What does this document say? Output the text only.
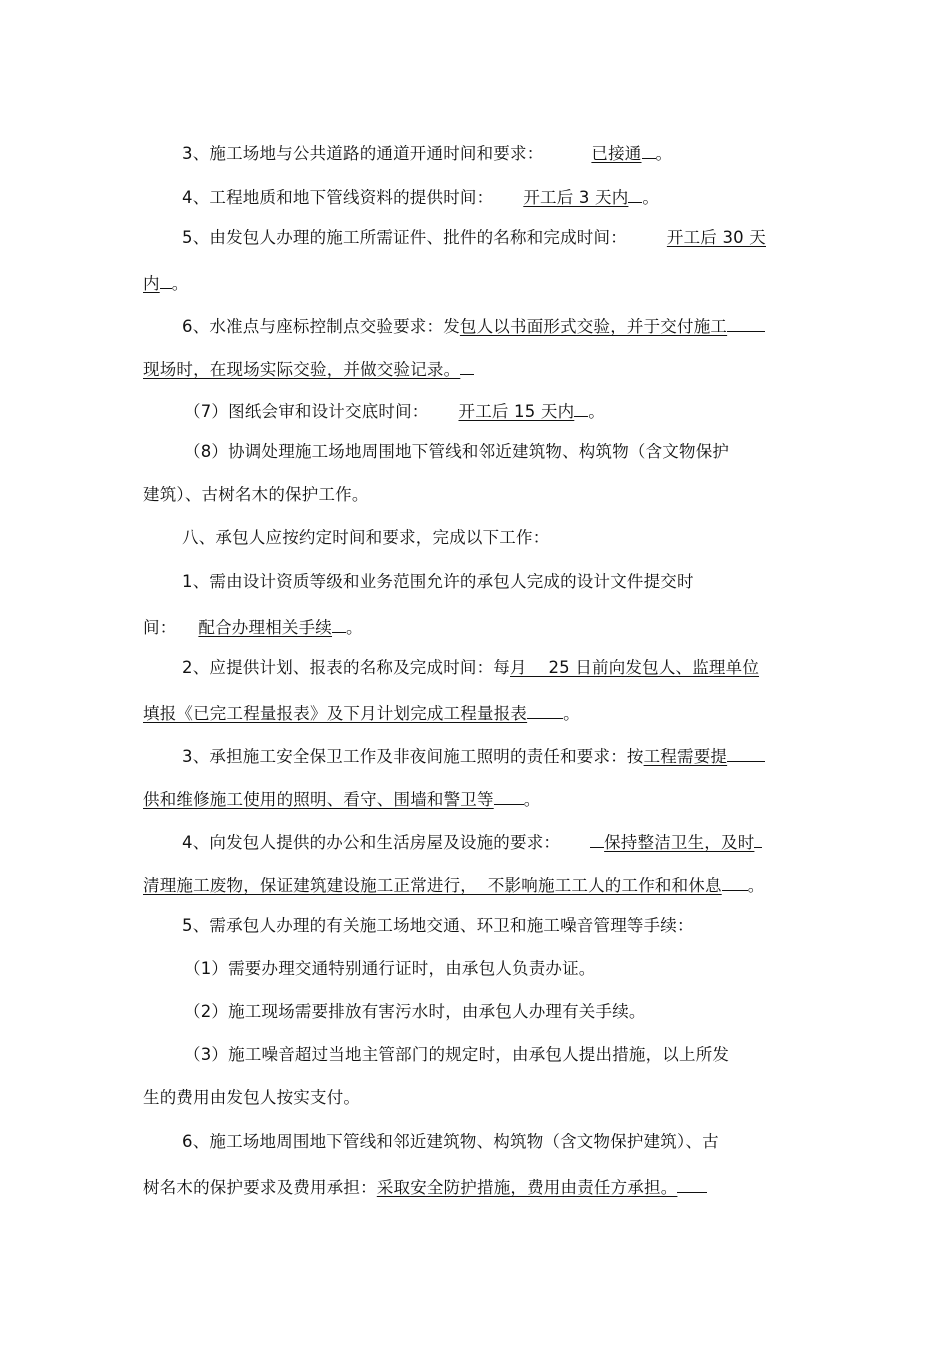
3、施工场地与公共道路的通道开通时间和要求：	已接通 。
4、工程地质和地下管线资料的提供时间： 开工后 3 天内 。
5、由发包人办理的施工所需证件、批件的名称和完成时间： 开工后 30 天
内 。
6、水准点与座标控制点交验要求：发包人以书面形式交验，并于交付施工
现场时，在现场实际交验，并做交验记录。
（7）图纸会审和设计交底时间： 开工后 15 天内 。
（8）协调处理施工场地周围地下管线和邻近建筑物、构筑物（含文物保护
建筑）、古树名木的保护工作。
八、承包人应按约定时间和要求，完成以下工作：
1、需由设计资质等级和业务范围允许的承包人完成的设计文件提交时
间： 配合办理相关手续 。
2、应提供计划、报表的名称及完成时间：每月    25 日前向发包人、监理单位
填报《已完工程量报表》及下月计划完成工程量报表 。
3、承担施工安全保卫工作及非夜间施工照明的责任和要求：按工程需要提
供和维修施工使用的照明、看守、围墙和警卫等 。
4、向发包人提供的办公和生活房屋及设施的要求：	保持整洁卫生，及时
清理施工废物，保证建筑建设施工正常进行，  不影响施工工人的工作和和休息 。
5、需承包人办理的有关施工场地交通、环卫和施工噪音管理等手续：
（1）需要办理交通特别通行证时，由承包人负责办证。
（2）施工现场需要排放有害污水时，由承包人办理有关手续。
（3）施工噪音超过当地主管部门的规定时，由承包人提出措施，以上所发
生的费用由发包人按实支付。
6、施工场地周围地下管线和邻近建筑物、构筑物（含文物保护建筑）、古
树名木的保护要求及费用承担：采取安全防护措施，费用由责任方承担。
